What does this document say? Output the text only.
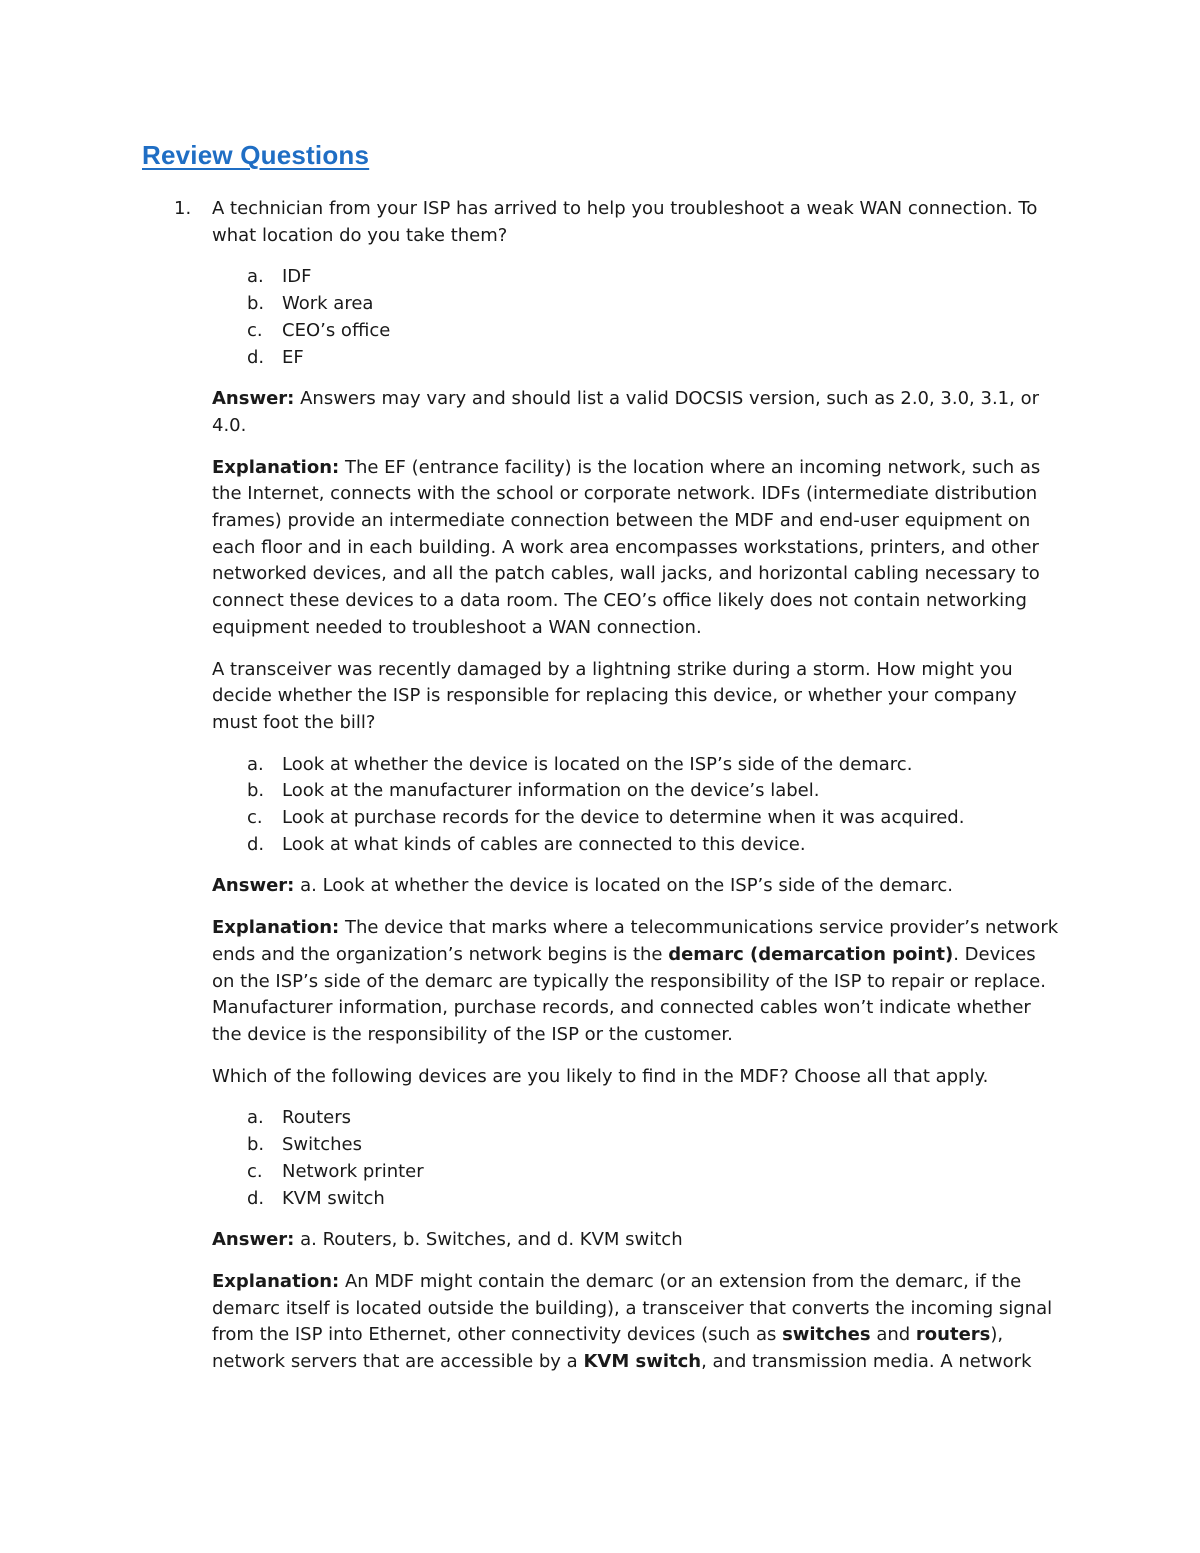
Review Questions

1. A technician from your ISP has arrived to help you troubleshoot a weak WAN connection. To what location do you take them?

a. IDF
b. Work area
c. CEO’s office
d. EF

Answer: Answers may vary and should list a valid DOCSIS version, such as 2.0, 3.0, 3.1, or 4.0.

Explanation: The EF (entrance facility) is the location where an incoming network, such as the Internet, connects with the school or corporate network. IDFs (intermediate distribution frames) provide an intermediate connection between the MDF and end-user equipment on each floor and in each building. A work area encompasses workstations, printers, and other networked devices, and all the patch cables, wall jacks, and horizontal cabling necessary to connect these devices to a data room. The CEO’s office likely does not contain networking equipment needed to troubleshoot a WAN connection.

A transceiver was recently damaged by a lightning strike during a storm. How might you decide whether the ISP is responsible for replacing this device, or whether your company must foot the bill?

a. Look at whether the device is located on the ISP’s side of the demarc.
b. Look at the manufacturer information on the device’s label.
c. Look at purchase records for the device to determine when it was acquired.
d. Look at what kinds of cables are connected to this device.

Answer: a. Look at whether the device is located on the ISP’s side of the demarc.

Explanation: The device that marks where a telecommunications service provider’s network ends and the organization’s network begins is the demarc (demarcation point). Devices on the ISP’s side of the demarc are typically the responsibility of the ISP to repair or replace. Manufacturer information, purchase records, and connected cables won’t indicate whether the device is the responsibility of the ISP or the customer.

Which of the following devices are you likely to find in the MDF? Choose all that apply.

a. Routers
b. Switches
c. Network printer
d. KVM switch

Answer: a. Routers, b. Switches, and d. KVM switch

Explanation: An MDF might contain the demarc (or an extension from the demarc, if the demarc itself is located outside the building), a transceiver that converts the incoming signal from the ISP into Ethernet, other connectivity devices (such as switches and routers), network servers that are accessible by a KVM switch, and transmission media. A network
